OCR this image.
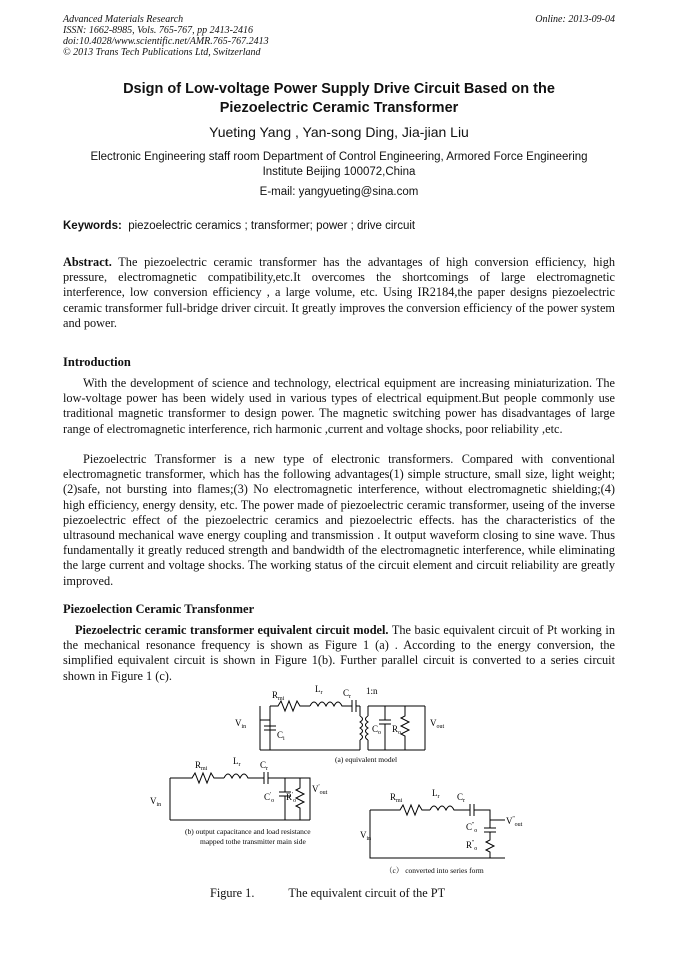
Advanced Materials Research
ISSN: 1662-8985, Vols. 765-767, pp 2413-2416
doi:10.4028/www.scientific.net/AMR.765-767.2413
© 2013 Trans Tech Publications Ltd, Switzerland
Online: 2013-09-04
Dsign of Low-voltage Power Supply Drive Circuit Based on the
Piezoelectric Ceramic Transformer
Yueting Yang , Yan-song Ding, Jia-jian Liu
Electronic Engineering staff room Department of Control Engineering, Armored Force Engineering
Institute Beijing 100072,China
E-mail: yangyueting@sina.com
Keywords: piezoelectric ceramics ; transformer; power ; drive circuit
Abstract. The piezoelectric ceramic transformer has the advantages of high conversion efficiency, high pressure, electromagnetic compatibility,etc.It overcomes the shortcomings of large electromagnetic interference, low conversion efficiency , a large volume, etc. Using IR2184,the paper designs piezoelectric ceramic transformer full-bridge driver circuit. It greatly improves the conversion efficiency of the power system and power.
Introduction
With the development of science and technology, electrical equipment are increasing miniaturization. The low-voltage power has been widely used in various types of electrical equipment.But people commonly use traditional magnetic transformer to design power. The magnetic switching power has disadvantages of large range of electromagnetic interference, rich harmonic ,current and voltage shocks, poor reliability ,etc.
Piezoelectric Transformer is a new type of electronic transformers. Compared with conventional electromagnetic transformer, which has the following advantages(1) simple structure, small size, light weight;(2)safe, not bursting into flames;(3) No electromagnetic interference, without electromagnetic shielding;(4) high efficiency, energy density, etc. The power made of piezoelectric ceramic transformer, useing of the inverse piezoelectric effect of the piezoelectric ceramics and piezoelectric effects. has the characteristics of the ultrasound mechanical wave energy coupling and transmission . It output waveform closing to sine wave. Thus fundamentally it greatly reduced strength and bandwidth of the electromagnetic interference, while eliminating the large current and voltage shocks. The working status of the circuit element and circuit reliability are greatly improved.
Piezoelection Ceramic Transfonmer
Piezoelectric ceramic transformer equivalent circuit model. The basic equivalent circuit of Pt working in the mechanical resonance frequency is shown as Figure 1 (a) . According to the energy conversion, the simplified equivalent circuit is shown in Figure 1(b). Further parallel circuit is converted to a series circuit shown in Figure 1 (c).
$V_{in}$
$R_{mi}$
$L_r$ $C_r$
1:n
$C_i$
$C_o$ $R_o$
$V_{out}$
(a) equivalent model
$V_{in}$
$R_{mi}$
$L_r$ $C_r$
$C'_o$ $R'_o$
$V'_{out}$
(b) output capacitance and load resistance
mapped tothe transmitter main side
$V_{in}$
$R_{mi}$
$L_r$ $C_r$
$C''_o$
$R''_o$
$V''_{out}$
（c） converted into series form
Figure 1.	The equivalent circuit of the PT
